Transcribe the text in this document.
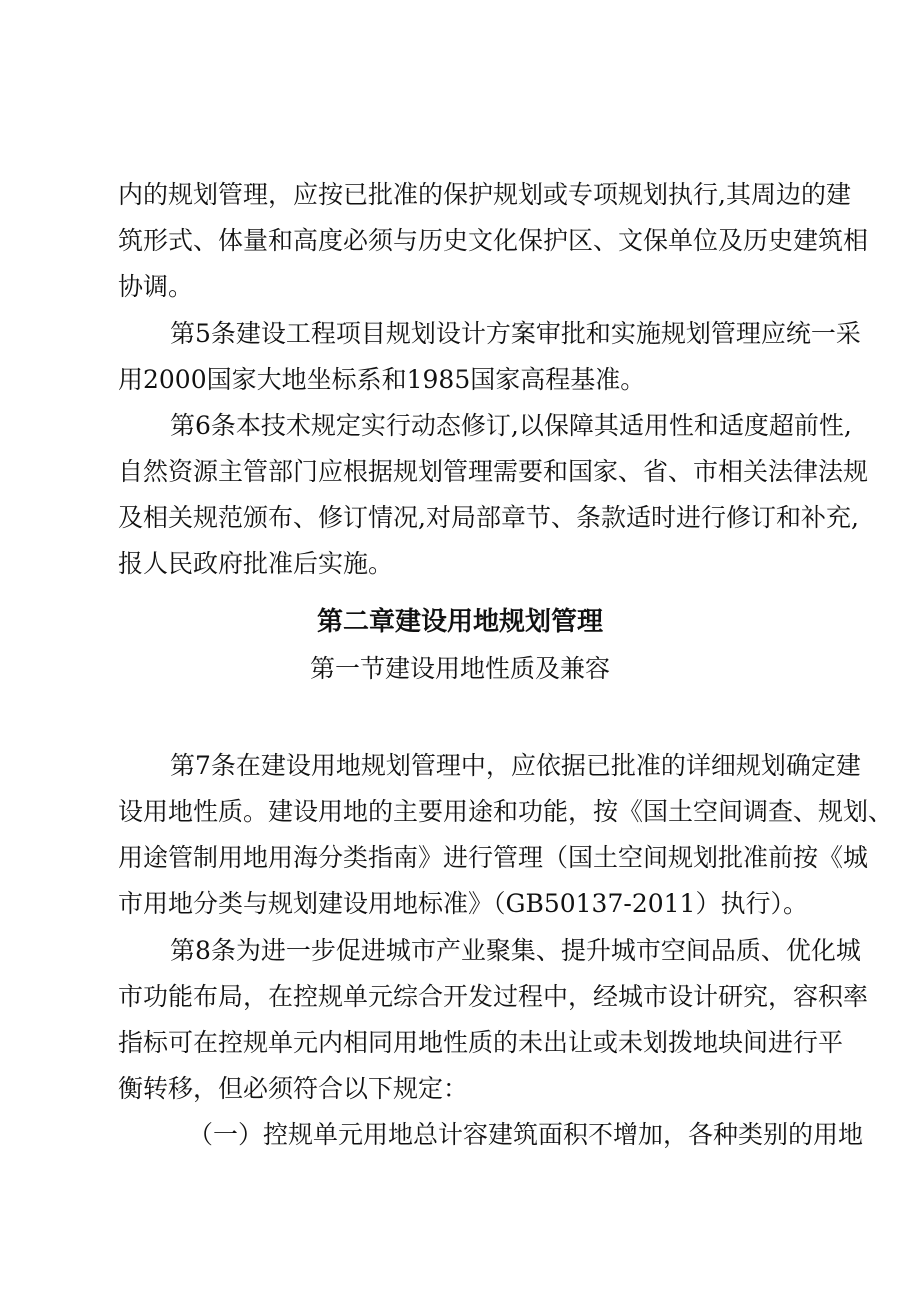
内的规划管理，应按已批准的保护规划或专项规划执行,其周边的建
筑形式、体量和高度必须与历史文化保护区、文保单位及历史建筑相
协调。
第5条建设工程项目规划设计方案审批和实施规划管理应统一采
用2000国家大地坐标系和1985国家高程基准。
第6条本技术规定实行动态修订,以保障其适用性和适度超前性,
自然资源主管部门应根据规划管理需要和国家、省、市相关法律法规
及相关规范颁布、修订情况,对局部章节、条款适时进行修订和补充,
报人民政府批准后实施。
第二章建设用地规划管理
第一节建设用地性质及兼容
第7条在建设用地规划管理中，应依据已批准的详细规划确定建
设用地性质。建设用地的主要用途和功能，按《国土空间调查、规划、
用途管制用地用海分类指南》进行管理（国土空间规划批准前按《城
市用地分类与规划建设用地标准》（GB50137-2011）执行）。
第8条为进一步促进城市产业聚集、提升城市空间品质、优化城
市功能布局，在控规单元综合开发过程中，经城市设计研究，容积率
指标可在控规单元内相同用地性质的未出让或未划拨地块间进行平
衡转移，但必须符合以下规定：
（一）控规单元用地总计容建筑面积不增加，各种类别的用地
